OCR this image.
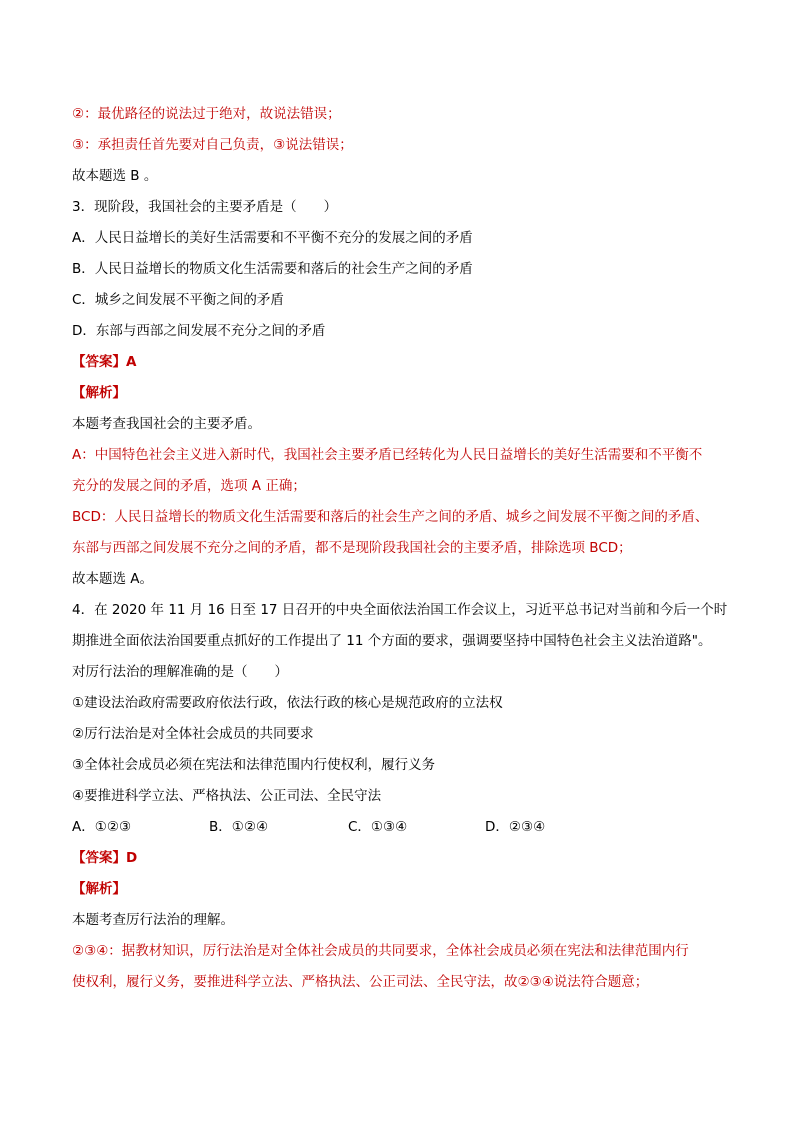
②：最优路径的说法过于绝对，故说法错误；
③：承担责任首先要对自己负责，③说法错误；
故本题选 B 。
3．现阶段，我国社会的主要矛盾是（　　）
A．人民日益增长的美好生活需要和不平衡不充分的发展之间的矛盾
B．人民日益增长的物质文化生活需要和落后的社会生产之间的矛盾
C．城乡之间发展不平衡之间的矛盾
D．东部与西部之间发展不充分之间的矛盾
【答案】A
【解析】
本题考查我国社会的主要矛盾。
A：中国特色社会主义进入新时代，我国社会主要矛盾已经转化为人民日益增长的美好生活需要和不平衡不
充分的发展之间的矛盾，选项 A 正确；
BCD：人民日益增长的物质文化生活需要和落后的社会生产之间的矛盾、城乡之间发展不平衡之间的矛盾、
东部与西部之间发展不充分之间的矛盾，都不是现阶段我国社会的主要矛盾，排除选项 BCD；
故本题选 A。
4．在 2020 年 11 月 16 日至 17 日召开的中央全面依法治国工作会议上，习近平总书记对当前和今后一个时
期推进全面依法治国要重点抓好的工作提出了 11 个方面的要求，强调要坚持中国特色社会主义法治道路"。
对厉行法治的理解准确的是（　　）
①建设法治政府需要政府依法行政，依法行政的核心是规范政府的立法权
②厉行法治是对全体社会成员的共同要求
③全体社会成员必须在宪法和法律范围内行使权利，履行义务
④要推进科学立法、严格执法、公正司法、全民守法
A．①②③	B．①②④	C．①③④	D．②③④
【答案】D
【解析】
本题考查厉行法治的理解。
②③④：据教材知识，厉行法治是对全体社会成员的共同要求，全体社会成员必须在宪法和法律范围内行
使权利，履行义务，要推进科学立法、严格执法、公正司法、全民守法，故②③④说法符合题意；
